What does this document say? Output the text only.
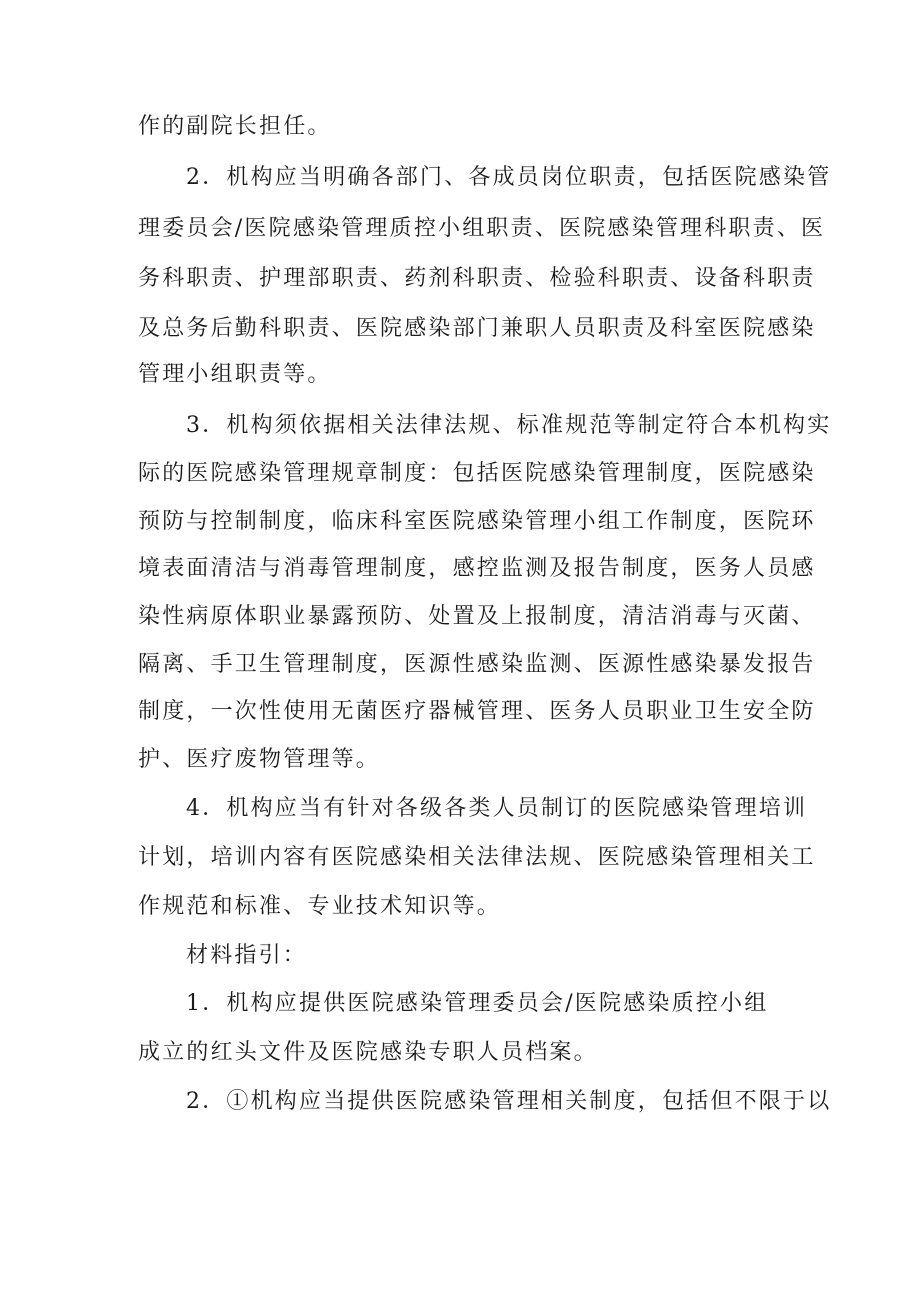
作的副院长担任。
2．机构应当明确各部门、各成员岗位职责，包括医院感染管
理委员会/医院感染管理质控小组职责、医院感染管理科职责、医
务科职责、护理部职责、药剂科职责、检验科职责、设备科职责
及总务后勤科职责、医院感染部门兼职人员职责及科室医院感染
管理小组职责等。
3．机构须依据相关法律法规、标准规范等制定符合本机构实
际的医院感染管理规章制度：包括医院感染管理制度，医院感染
预防与控制制度，临床科室医院感染管理小组工作制度，医院环
境表面清洁与消毒管理制度，感控监测及报告制度，医务人员感
染性病原体职业暴露预防、处置及上报制度，清洁消毒与灭菌、
隔离、手卫生管理制度，医源性感染监测、医源性感染暴发报告
制度，一次性使用无菌医疗器械管理、医务人员职业卫生安全防
护、医疗废物管理等。
4．机构应当有针对各级各类人员制订的医院感染管理培训
计划，培训内容有医院感染相关法律法规、医院感染管理相关工
作规范和标准、专业技术知识等。
材料指引：
1．机构应提供医院感染管理委员会/医院感染质控小组
成立的红头文件及医院感染专职人员档案。
2．①机构应当提供医院感染管理相关制度，包括但不限于以
